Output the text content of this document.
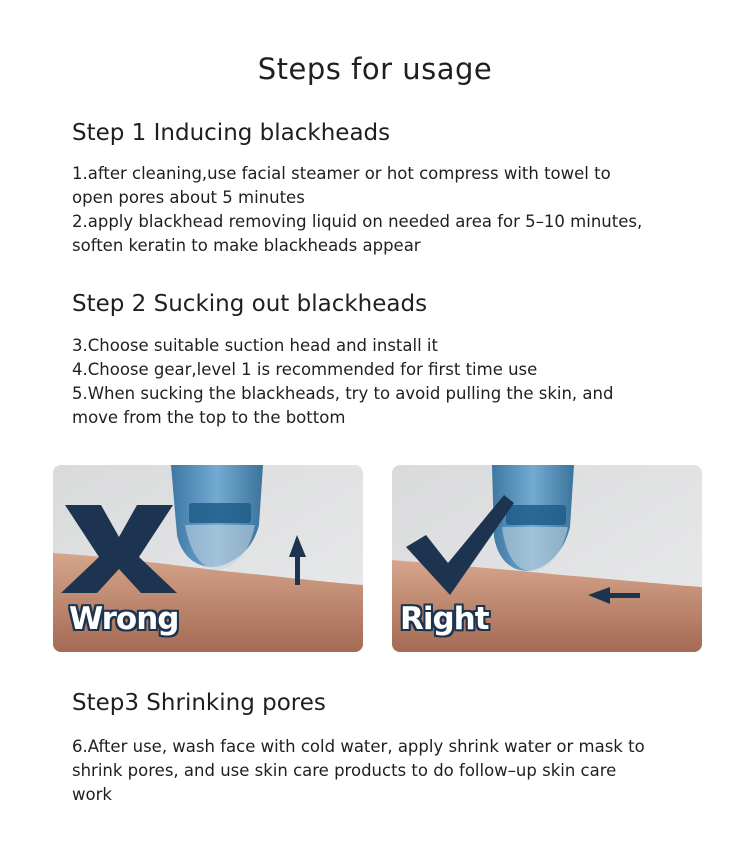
Steps for usage
Step 1 Inducing blackheads
1.after cleaning,use facial steamer or hot compress with towel to
open pores about 5 minutes
2.apply blackhead removing liquid on needed area for 5–10 minutes,
soften keratin to make blackheads appear
Step 2 Sucking out blackheads
3.Choose suitable suction head and install it
4.Choose gear,level 1 is recommended for first time use
5.When sucking the blackheads, try to avoid pulling the skin, and
move from the top to the bottom
Wrong	Right
Step3 Shrinking pores
6.After use, wash face with cold water, apply shrink water or mask to
shrink pores, and use skin care products to do follow–up skin care
work
